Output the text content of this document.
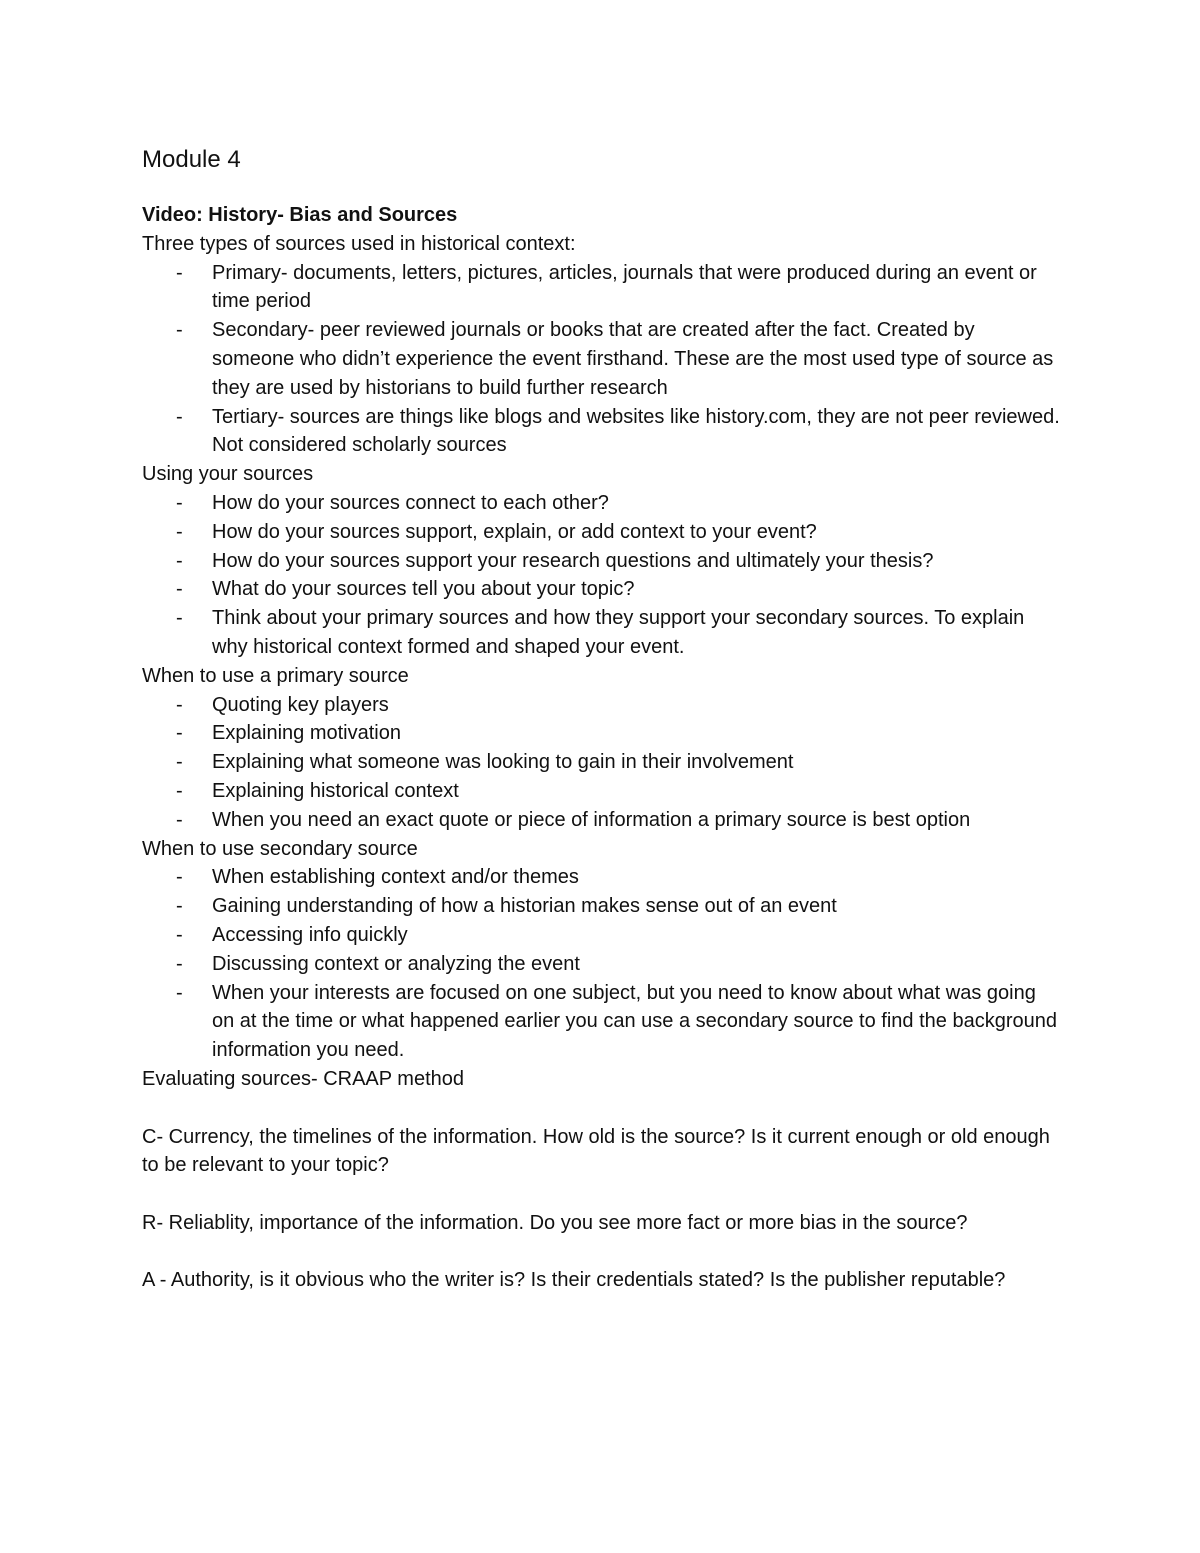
Module 4
Video: History- Bias and Sources
Three types of sources used in historical context:
- Primary- documents, letters, pictures, articles, journals that were produced during an event or time period
- Secondary- peer reviewed journals or books that are created after the fact. Created by someone who didn’t experience the event firsthand. These are the most used type of source as they are used by historians to build further research
- Tertiary- sources are things like blogs and websites like history.com, they are not peer reviewed. Not considered scholarly sources
Using your sources
- How do your sources connect to each other?
- How do your sources support, explain, or add context to your event?
- How do your sources support your research questions and ultimately your thesis?
- What do your sources tell you about your topic?
- Think about your primary sources and how they support your secondary sources. To explain why historical context formed and shaped your event.
When to use a primary source
- Quoting key players
- Explaining motivation
- Explaining what someone was looking to gain in their involvement
- Explaining historical context
- When you need an exact quote or piece of information a primary source is best option
When to use secondary source
- When establishing context and/or themes
- Gaining understanding of how a historian makes sense out of an event
- Accessing info quickly
- Discussing context or analyzing the event
- When your interests are focused on one subject, but you need to know about what was going on at the time or what happened earlier you can use a secondary source to find the background information you need.
Evaluating sources- CRAAP method
C- Currency, the timelines of the information. How old is the source? Is it current enough or old enough to be relevant to your topic?
R- Reliablity, importance of the information. Do you see more fact or more bias in the source?
A - Authority, is it obvious who the writer is? Is their credentials stated? Is the publisher reputable?
